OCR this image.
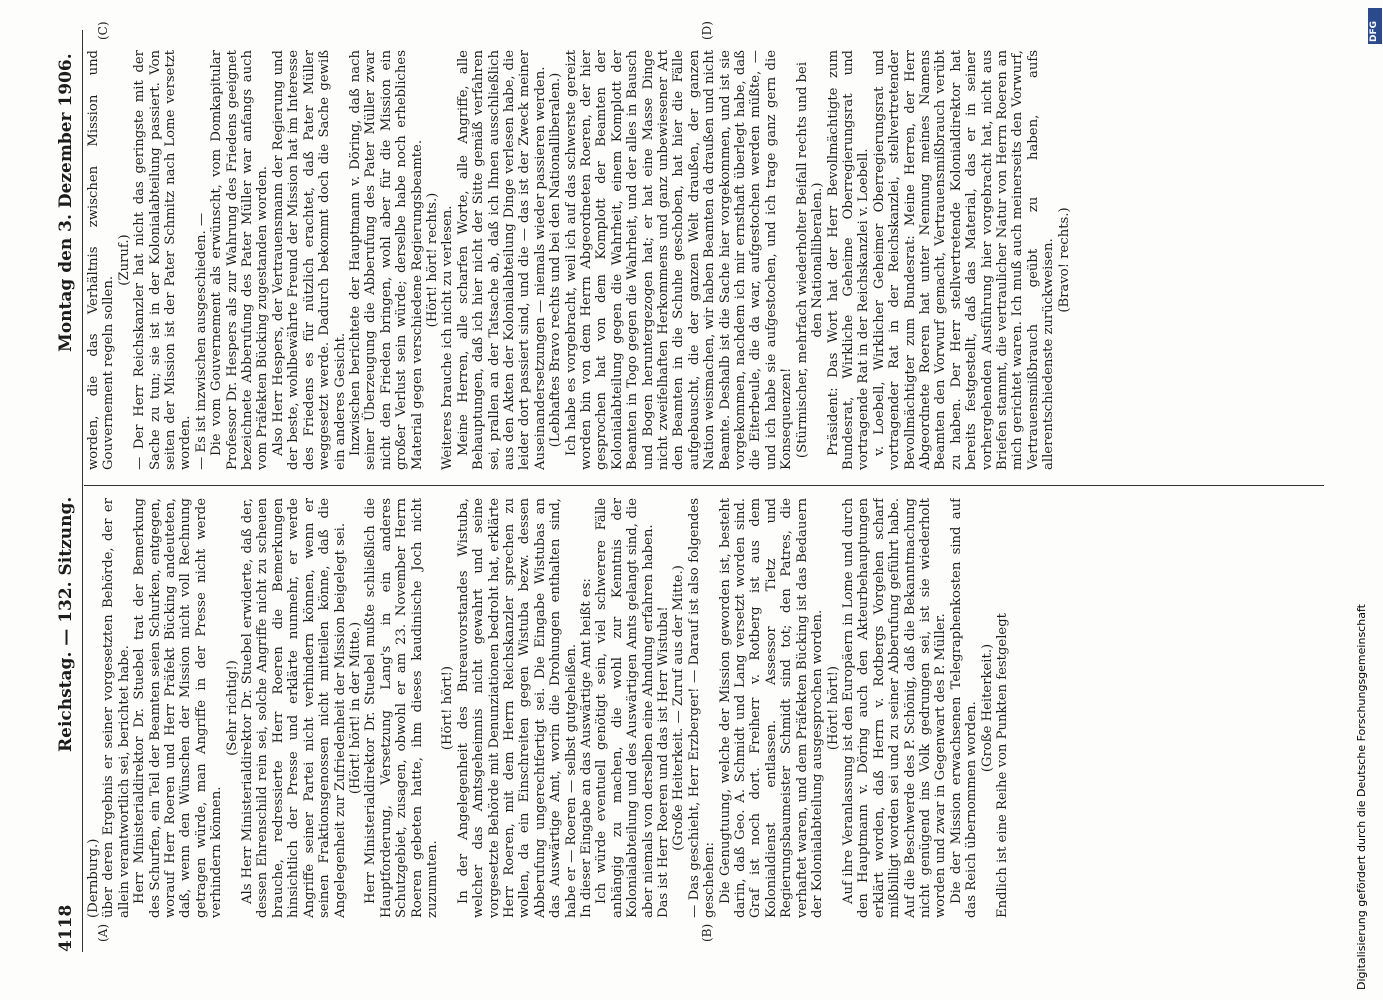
4118
Reichstag. — 132. Sitzung.
Montag den 3. Dezember 1906.
(A)	(B)
(C)	(D)

(Dernburg.) über deren Ergebnis er seiner vorgesetzten Behörde, der er allein verantwortlich sei, berichtet habe. Herr Ministerialdirektor Dr. Stuebel trat der Bemerkung des Schurfen, ein Teil der Beamten seien Schurken, entgegen, worauf Herr Roeren und Herr Präfekt Bücking andeuteten, daß, wenn den Wünschen der Mission nicht voll Rechnung getragen würde, man Angriffe in der Presse nicht werde verhindern können.

(Sehr richtig!) Als Herr Ministerialdirektor Dr. Stuebel erwiderte, daß der, dessen Ehrenschild rein sei, solche Angriffe nicht zu scheuen brauche, redressierte Herr Roeren die Bemerkungen hinsichtlich der Presse und erklärte nunmehr, er werde Angriffe seiner Partei nicht verhindern können, wenn er seinen Fraktionsgenossen nicht mitteilen könne, daß die Angelegenheit zur Zufriedenheit der Mission beigelegt sei. (Hört! hört! in der Mitte.) Herr Ministerialdirektor Dr. Stuebel mußte schließlich die Hauptforderung, Versetzung Lang's in ein anderes Schutzgebiet, zusagen, obwohl er am 23. November Herrn Roeren gebeten hatte, ihm dieses kaudinische Joch nicht zuzumuten.

(Hört! hört!) In der Angelegenheit des Bureauvorstandes Wistuba, welcher das Amtsgeheimnis nicht gewahrt und seine vorgesetzte Behörde mit Denunziationen bedroht hat, erklärte Herr Roeren, mit dem Herrn Reichskanzler sprechen zu wollen, da ein Einschreiten gegen Wistuba bezw. dessen Abberufung ungerechtfertigt sei. Die Eingabe Wistubas an das Auswärtige Amt, worin die Drohungen enthalten sind, habe er — Roeren — selbst gutgeheißen. In dieser Eingabe an das Auswärtige Amt heißt es: Ich würde eventuell genötigt sein, viel schwerere Fälle anhängig zu machen, die wohl zur Kenntnis der Kolonialabteilung und des Auswärtigen Amts gelangt sind, die aber niemals von derselben eine Ahndung erfahren haben. Das ist Herr Roeren und das ist Herr Wistuba! (Große Heiterkeit. — Zuruf aus der Mitte.) — Das geschieht, Herr Erzberger! — Darauf ist also folgendes geschehen: Die Genugtuung, welche der Mission geworden ist, besteht darin, daß Geo. A. Schmidt und Lang versetzt worden sind. Graf ist noch dort. Freiherr v. Rotberg ist aus dem Kolonialdienst entlassen. Assessor Tietz und Regierungsbaumeister Schmidt sind tot; den Patres, die verhaftet waren, und dem Präfekten Bücking ist das Bedauern der Kolonialabteilung ausgesprochen worden. (Hört! hört!) Auf ihre Veranlassung ist den Europäern in Lome und durch den Hauptmann v. Döring auch den Akteurbehauptungen erklärt worden, daß Herrn v. Rotbergs Vorgehen scharf mißbilligt worden sei und zu seiner Abberufung geführt habe. Auf die Beschwerde des P. Schönig, daß die Bekanntmachung nicht genügend ins Volk gedrungen sei, ist sie wiederholt worden und zwar in Gegenwart des P. Müller. Die der Mission erwachsenen Telegraphenkosten sind auf das Reich übernommen worden. (Große Heiterkeit.) Endlich ist eine Reihe von Punkten festgelegt

worden, die das Verhältnis zwischen Mission und Gouvernement regeln sollen.

(Zuruf.) — Der Herr Reichskanzler hat nicht das geringste mit der Sache zu tun; sie ist in der Kolonialabteilung passiert. Von seiten der Mission ist der Pater Schmitz nach Lome versetzt worden. — Es ist inzwischen ausgeschieden. — Die vom Gouvernement als erwünscht, vom Domkapitular Professor Dr. Hespers als zur Wahrung des Friedens geeignet bezeichnete Abberufung des Pater Müller war anfangs auch vom Präfekten Bücking zugestanden worden. Also Herr Hespers, der Vertrauensmann der Regierung und der beste, wohlbewährte Freund der Mission hat im Interesse des Friedens es für nützlich erachtet, daß Pater Müller weggesetzt werde. Dadurch bekommt doch die Sache gewiß ein anderes Gesicht. Inzwischen berichtete der Hauptmann v. Döring, daß nach seiner Überzeugung die Abberufung des Pater Müller zwar nicht den Frieden bringen, wohl aber für die Mission ein großer Verlust sein würde; derselbe habe noch erhebliches Material gegen verschiedene Regierungsbeamte. (Hört! hört! rechts.) Weiteres brauche ich nicht zu verlesen. Meine Herren, alle scharfen Worte, alle Angriffe, alle Behauptungen, daß ich hier nicht der Sitte gemäß verfahren sei, prallen an der Tatsache ab, daß ich Ihnen ausschließlich aus den Akten der Kolonialabteilung Dinge verlesen habe, die leider dort passiert sind, und die — das ist der Zweck meiner Auseinandersetzungen — niemals wieder passieren werden. (Lebhaftes Bravo rechts und bei den Nationalliberalen.) Ich habe es vorgebracht, weil ich auf das schwerste gereizt worden bin von dem Herrn Abgeordneten Roeren, der hier gesprochen hat von dem Komplott der Beamten der Kolonialabteilung gegen die Wahrheit, einem Komplott der Beamten in Togo gegen die Wahrheit, und der alles in Bausch und Bogen heruntergezogen hat; er hat eine Masse Dinge nicht zweifelhaften Herkommens und ganz unbewiesener Art den Beamten in die Schuhe geschoben, hat hier die Fälle aufgebauscht, die der ganzen Welt draußen, der ganzen Nation weismachen, wir haben Beamten da draußen und nicht Beamte. Deshalb ist die Sache hier vorgekommen, und ist sie vorgekommen, nachdem ich mir ernsthaft überlegt habe, daß die Eiterbeule, die da war, aufgestochen werden müßte, — und ich habe sie aufgestochen, und ich trage ganz gern die Konsequenzen! (Stürmischer, mehrfach wiederholter Beifall rechts und bei den Nationalliberalen.) Präsident: Das Wort hat der Herr Bevollmächtigte zum Bundesrat, Wirkliche Geheime Oberregierungsrat und vortragende Rat in der Reichskanzlei v. Loebell. v. Loebell, Wirklicher Geheimer Oberregierungsrat und vortragender Rat in der Reichskanzlei, stellvertretender Bevollmächtigter zum Bundesrat: Meine Herren, der Herr Abgeordnete Roeren hat unter Nennung meines Namens Beamten den Vorwurf gemacht, Vertrauensmißbrauch verübt zu haben. Der Herr stellvertretende Kolonialdirektor hat bereits festgestellt, daß das Material, das er in seiner vorhergehenden Ausführung hier vorgebracht hat, nicht aus Briefen stammt, die vertraulicher Natur von Herrn Roeren an mich gerichtet waren. Ich muß auch meinerseits den Vorwurf, Vertrauensmißbrauch geübt zu haben, aufs allerentschiedenste zurückweisen. (Bravo! rechts.)

Digitalisierung gefördert durch die Deutsche Forschungsgemeinschaft
DFG
